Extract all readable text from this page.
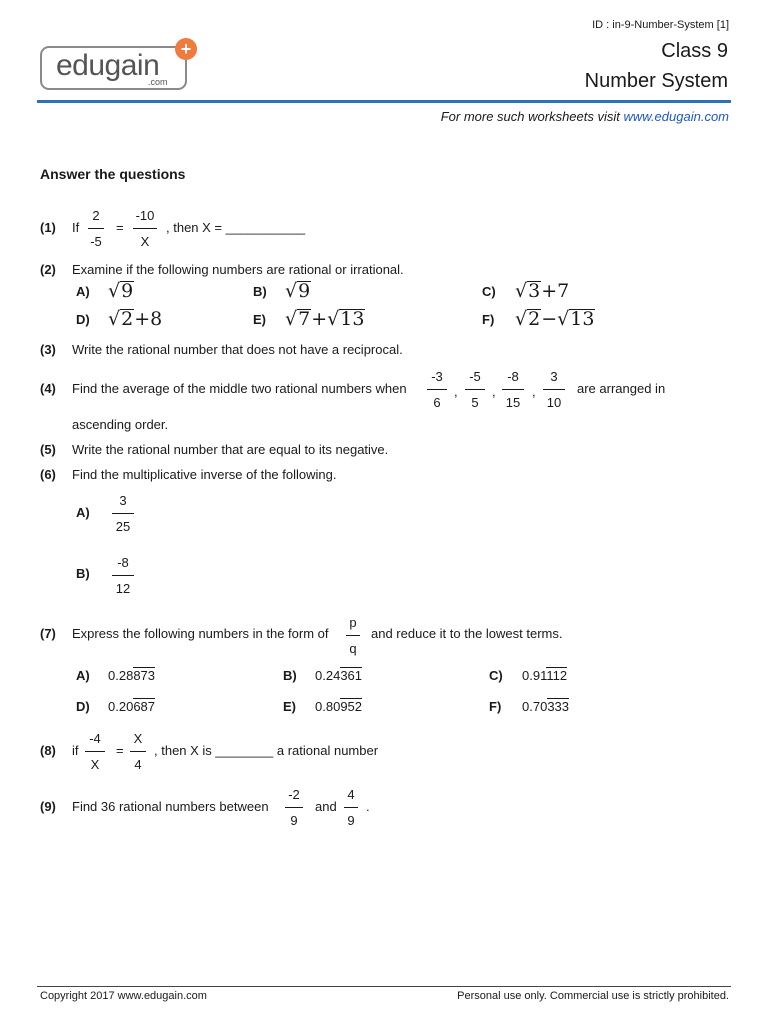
edugain
.com
+
ID : in-9-Number-System [1]
Class 9
Number System
For more such worksheets visit www.edugain.com
Answer the questions
(1) If $\frac{2}{-5} = \frac{-10}{X}$ , then X = ___________
(2) Examine if the following numbers are rational or irrational.
A) √9	B) √9	C) √3+7
D) √2+8	E) √7+√13	F) √2−√13
(3) Write the rational number that does not have a reciprocal.
(4) Find the average of the middle two rational numbers when $\frac{-3}{6}$ , $\frac{-5}{5}$ , $\frac{-8}{15}$ , $\frac{3}{10}$ are arranged in
ascending order.
(5) Write the rational number that are equal to its negative.
(6) Find the multiplicative inverse of the following.
$A) \frac{3}{25}$
$B) \frac{-8}{12}$
(7) Express the following numbers in the form of $\frac{p}{q}$ and reduce it to the lowest terms.
A) 0.28873	B) 0.24361	C) 0.91112
D) 0.20687	E) 0.80952	F) 0.70333
(8) if $\frac{-4}{X} = \frac{X}{4}$ , then X is ________ a rational number
(9) Find 36 rational numbers between $\frac{-2}{9}$ and $\frac{4}{9}$ .
Copyright 2017 www.edugain.com	Personal use only. Commercial use is strictly prohibited.
